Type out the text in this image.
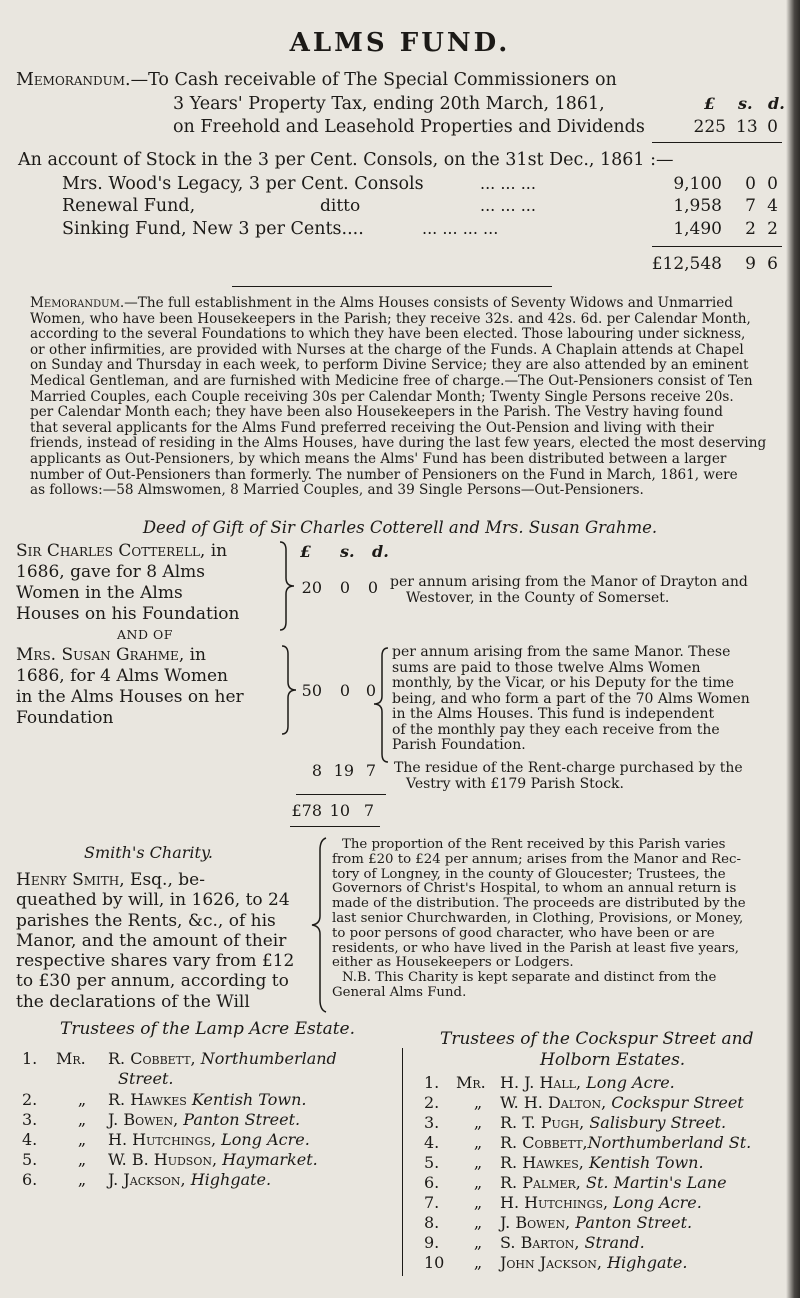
ALMS FUND.
Memorandum.—To Cash receivable of The Special Commissioners on
3 Years' Property Tax, ending 20th March, 1861,
on Freehold and Leasehold Properties and Dividends
£ s. d.
225 13 0
An account of Stock in the 3 per Cent. Consols, on the 31st Dec., 1861 :—
Mrs. Wood's Legacy, 3 per Cent. Consols	... ... ...	9,100	0 0
Renewal Fund,	ditto	... ... ...	1,958	7 4
Sinking Fund, New 3 per Cents....	... ... ... ...	1,490	2 2
£12,548	9 6
Memorandum.—The full establishment in the Alms Houses consists of Seventy Widows and Unmarried
Women, who have been Housekeepers in the Parish; they receive 32s. and 42s. 6d. per Calendar Month,
according to the several Foundations to which they have been elected. Those labouring under sickness,
or other infirmities, are provided with Nurses at the charge of the Funds. A Chaplain attends at Chapel
on Sunday and Thursday in each week, to perform Divine Service; they are also attended by an eminent
Medical Gentleman, and are furnished with Medicine free of charge.—The Out-Pensioners consist of Ten
Married Couples, each Couple receiving 30s per Calendar Month; Twenty Single Persons receive 20s.
per Calendar Month each; they have been also Housekeepers in the Parish. The Vestry having found
that several applicants for the Alms Fund preferred receiving the Out-Pension and living with their
friends, instead of residing in the Alms Houses, have during the last few years, elected the most deserving
applicants as Out-Pensioners, by which means the Alms' Fund has been distributed between a larger
number of Out-Pensioners than formerly. The number of Pensioners on the Fund in March, 1861, were
as follows:—58 Almswomen, 8 Married Couples, and 39 Single Persons—Out-Pensioners.
Deed of Gift of Sir Charles Cotterell and Mrs. Susan Grahme.
Sir Charles Cotterell, in
1686, gave for 8 Alms
Women in the Alms
Houses on his Foundation
£ s. d.
20 0 0 per annum arising from the Manor of Drayton and
Westover, in the County of Somerset.
AND OF
Mrs. Susan Grahme, in
1686, for 4 Alms Women
in the Alms Houses on her
Foundation
50 0 0
per annum arising from the same Manor. These
sums are paid to those twelve Alms Women
monthly, by the Vicar, or his Deputy for the time
being, and who form a part of the 70 Alms Women
in the Alms Houses. This fund is independent
of the monthly pay they each receive from the
Parish Foundation.
8 19 7 The residue of the Rent-charge purchased by the
Vestry with £179 Parish Stock.
£78 10 7
Smith's Charity.
Henry Smith, Esq., be-
queathed by will, in 1626, to 24
parishes the Rents, &c., of his
Manor, and the amount of their
respective shares vary from £12
to £30 per annum, according to
the declarations of the Will
The proportion of the Rent received by this Parish varies
from £20 to £24 per annum; arises from the Manor and Rec-
tory of Longney, in the county of Gloucester; Trustees, the
Governors of Christ's Hospital, to whom an annual return is
made of the distribution. The proceeds are distributed by the
last senior Churchwarden, in Clothing, Provisions, or Money,
to poor persons of good character, who have been or are
residents, or who have lived in the Parish at least five years,
either as Housekeepers or Lodgers.
N.B. This Charity is kept separate and distinct from the
General Alms Fund.
Trustees of the Lamp Acre Estate.
1. Mr. R. Cobbett, Northumberland
Street.
2.	„ R. Hawkes Kentish Town.
3.	„ J. Bowen, Panton Street.
4.	„ H. Hutchings, Long Acre.
5.	„ W. B. Hudson, Haymarket.
6.	„ J. Jackson, Highgate.
Trustees of the Cockspur Street and
Holborn Estates.
1. Mr. H. J. Hall, Long Acre.
2. „ W. H. Dalton, Cockspur Street
3. „ R. T. Pugh, Salisbury Street.
4. „ R. Cobbett,Northumberland St.
5. „ R. Hawkes, Kentish Town.
6. „ R. Palmer, St. Martin's Lane
7. „ H. Hutchings, Long Acre.
8. „ J. Bowen, Panton Street.
9. „ S. Barton, Strand.
10 „ John Jackson, Highgate.
